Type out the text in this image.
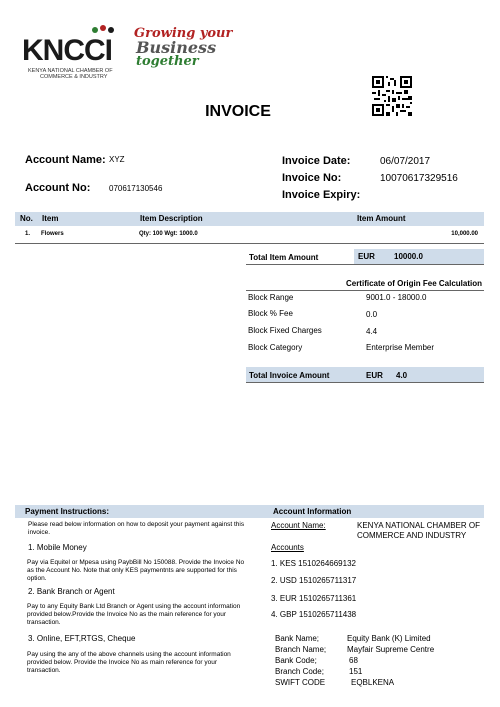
KNCCI
KENYA NATIONAL CHAMBER OF
COMMERCE & INDUSTRY
Growing your
Business
together
INVOICE
Account Name: XYZ
Account No: 070617130546
Invoice Date:	06/07/2017
Invoice No:	10070617329516
Invoice Expiry:
No. Item	Item Description	Item Amount
1. Flowers	Qty: 100 Wgt: 1000.0	10,000.00
Total Item Amount	EUR 10000.0
Certificate of Origin Fee Calculation
Block Range	9001.0 - 18000.0
Block % Fee	0.0
Block Fixed Charges	4.4
Block Category	Enterprise Member
Total Invoice Amount	EUR 4.0
Payment Instructions:	Account Information
Please read below information on how to deposit your payment against this invoice.
1. Mobile Money
Pay via Equitel or Mpesa using PaybBill No 150088. Provide the Invoice No as the Account No. Note that only KES paymentnts are supported for this option.
2. Bank Branch or Agent
Pay to any Equity Bank Ltd Branch or Agent using the account information provided below.Provide the Invoice No as the main reference for your transaction.
3. Online, EFT,RTGS, Cheque
Pay using the any of the above channels using the account information provided below. Provide the Invoice No as main reference for your transaction.
Account Name:	KENYA NATIONAL CHAMBER OF COMMERCE AND INDUSTRY
Accounts
1. KES 1510264669132
2. USD 1510265711317
3. EUR 1510265711361
4. GBP 1510265711438
Bank Name;	Equity Bank (K) Limited
Branch Name;	Mayfair Supreme Centre
Bank Code;	68
Branch Code;	151
SWIFT CODE	EQBLKENA
